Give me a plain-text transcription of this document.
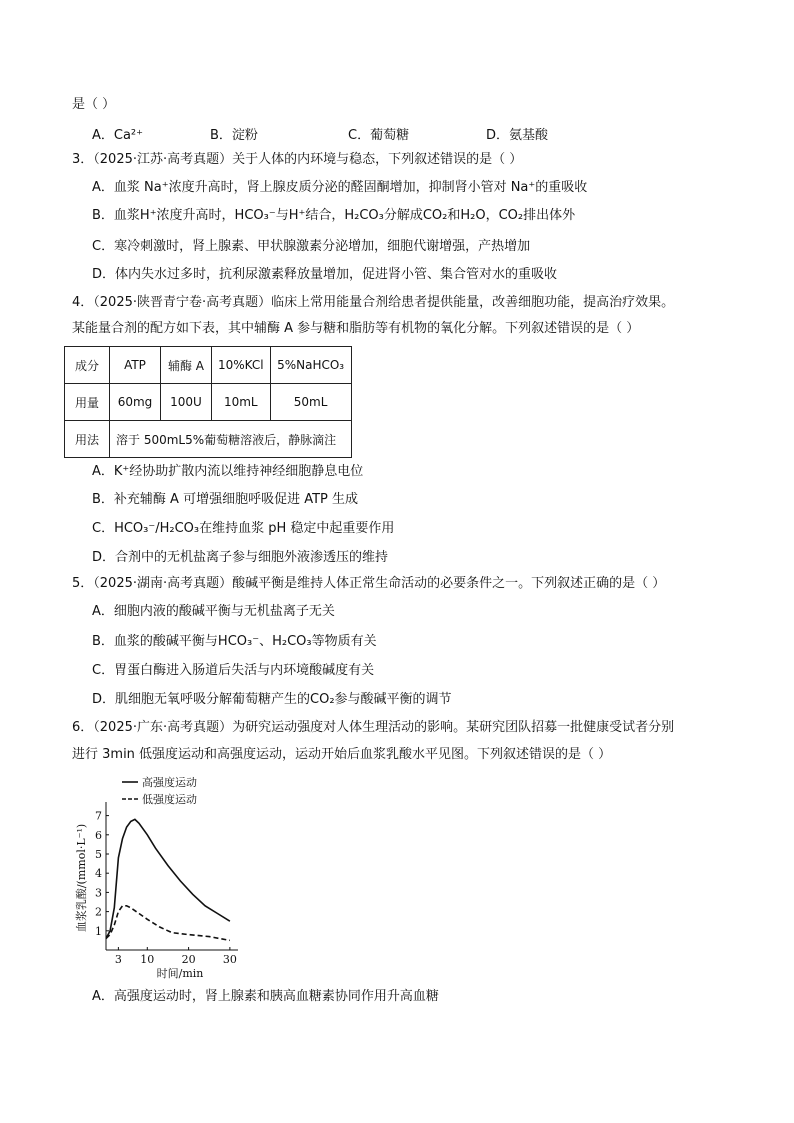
是（ ）
A．Ca²⁺	B．淀粉	C．葡萄糖	D．氨基酸
3．（2025·江苏·高考真题）关于人体的内环境与稳态，下列叙述错误的是（ ）
A．血浆 Na⁺浓度升高时，肾上腺皮质分泌的醛固酮增加，抑制肾小管对 Na⁺的重吸收
B．血浆H⁺浓度升高时，HCO₃⁻与H⁺结合，H₂CO₃分解成CO₂和H₂O，CO₂排出体外
C．寒冷刺激时，肾上腺素、甲状腺激素分泌增加，细胞代谢增强，产热增加
D．体内失水过多时，抗利尿激素释放量增加，促进肾小管、集合管对水的重吸收
4．（2025·陕晋青宁卷·高考真题）临床上常用能量合剂给患者提供能量，改善细胞功能，提高治疗效果。
某能量合剂的配方如下表，其中辅酶 A 参与糖和脂肪等有机物的氧化分解。下列叙述错误的是（ ）
成分	ATP	辅酶 A	10%KCl	5%NaHCO₃
用量	60mg	100U	10mL	50mL
用法	溶于 500mL5%葡萄糖溶液后，静脉滴注			
A．K⁺经协助扩散内流以维持神经细胞静息电位
B．补充辅酶 A 可增强细胞呼吸促进 ATP 生成
C．HCO₃⁻/H₂CO₃在维持血浆 pH 稳定中起重要作用
D．合剂中的无机盐离子参与细胞外液渗透压的维持
5．（2025·湖南·高考真题）酸碱平衡是维持人体正常生命活动的必要条件之一。下列叙述正确的是（ ）
A．细胞内液的酸碱平衡与无机盐离子无关
B．血浆的酸碱平衡与HCO₃⁻、H₂CO₃等物质有关
C．胃蛋白酶进入肠道后失活与内环境酸碱度有关
D．肌细胞无氧呼吸分解葡萄糖产生的CO₂参与酸碱平衡的调节
6．（2025·广东·高考真题）为研究运动强度对人体生理活动的影响。某研究团队招募一批健康受试者分别
进行 3min 低强度运动和高强度运动，运动开始后血浆乳酸水平见图。下列叙述错误的是（ ）
1
2
3
4
5
6
7
3 10 20 30
高强度运动
低强度运动
时间/min
血浆乳酸/(mmol·L⁻¹)
A．高强度运动时，肾上腺素和胰高血糖素协同作用升高血糖
